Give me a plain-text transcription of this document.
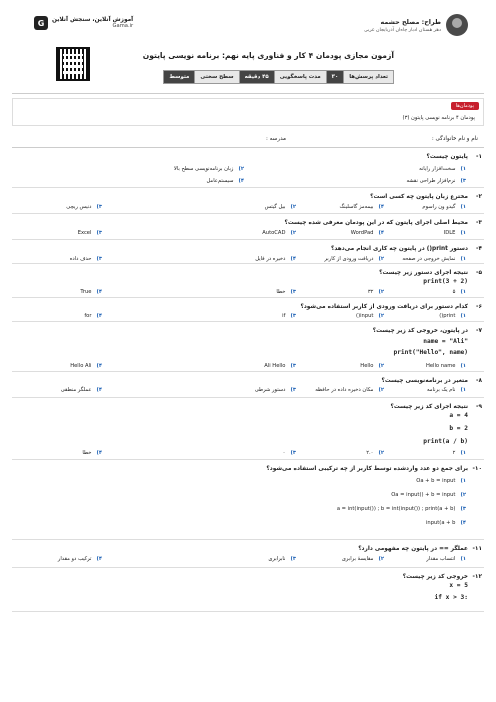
طراح: مصلح حشمه
دهر هستان ادبار چاه‌ان آذربایجان غربی
آموزش آنلاین، سنجش آنلاین
Gama.ir
G
آزمون مجازی پودمان ۴ کار و فناوری پایه نهم: برنامه نویسی پایتون
تعداد پرسش‌ها
۳۰
مدت پاسخگویی
۴۵ دقیقه
سطح سختی
متوسط
پودمان‌ها
پودمان ۴ برنامه نویسی پایتون (۳)
نام و نام خانوادگی :
مدرسه :
۱-
پایتون چیست؟
۱)سخت‌افزار رایانه
۲)زبان برنامه‌نویسی سطح بالا
۳)نرم‌افزار طراحی نقشه
۴)سیستم‌عامل
۲-
مخترع زبان پایتون چه کسی است؟
۱)گیدو ون راسوم
۲)بیل گیتس
۳)دنیس ریچی	۴)بیمه‌مز گاسلینگ
۳-
محیط اصلی اجرای پایتون که در این پودمان معرفی شده چیست؟
۱)IDLE
۲)AutoCAD
۳)Excel	۴)WordPad
۴-
دستور print() در پایتون چه کاری انجام می‌دهد؟
۱)نمایش خروجی در صفحه
۲)دریافت ورودی از کاربر
۳)حذف داده	۴)ذخیره در فایل
۵-
نتیجه اجرای دستور زیر چیست؟
print(3 + 2)
۱)۵
۲)۳۲
۳)خطا
۴)True
۶-
کدام دستور برای دریافت ورودی از کاربر استفاده می‌شود؟
۱)print()
۲)input()
۳)if
۴)for
۷-
در پایتون، خروجی کد زیر چیست؟
name = "Ali"
print("Hello", name)
۱)Hello name
۲)Hello
۳)Ali Hello
۴)Hello Ali
۸-
متغیر در برنامه‌نویسی چیست؟
۱)نام یک برنامه
۲)مکان ذخیره داده در حافظه
۳)دستور شرطی
۴)عملگر منطقی
۹-
نتیجه اجرای کد زیر چیست؟
a = 4
b = 2
print(a / b)
۱)۲
۲)۲.۰
۳)۰
۴)خطا
۱۰-
برای جمع دو عدد واردشده توسط کاربر از چه ترکیبی استفاده می‌شود؟
۱)Oa + b = input
۲)Oa = input() + b = input
۳)(a = int(input()) ; b = int(input()) ; print(a + b
۴)input(a + b
۱۱-
عملگر == در پایتون چه مفهومی دارد؟
۱)انتساب مقدار
۲)مقایسهٔ برابری
۳)نابرابری
۴)ترکیب دو مقدار
۱۲-
خروجی کد زیر چیست؟
x = 5
if x > 3:
